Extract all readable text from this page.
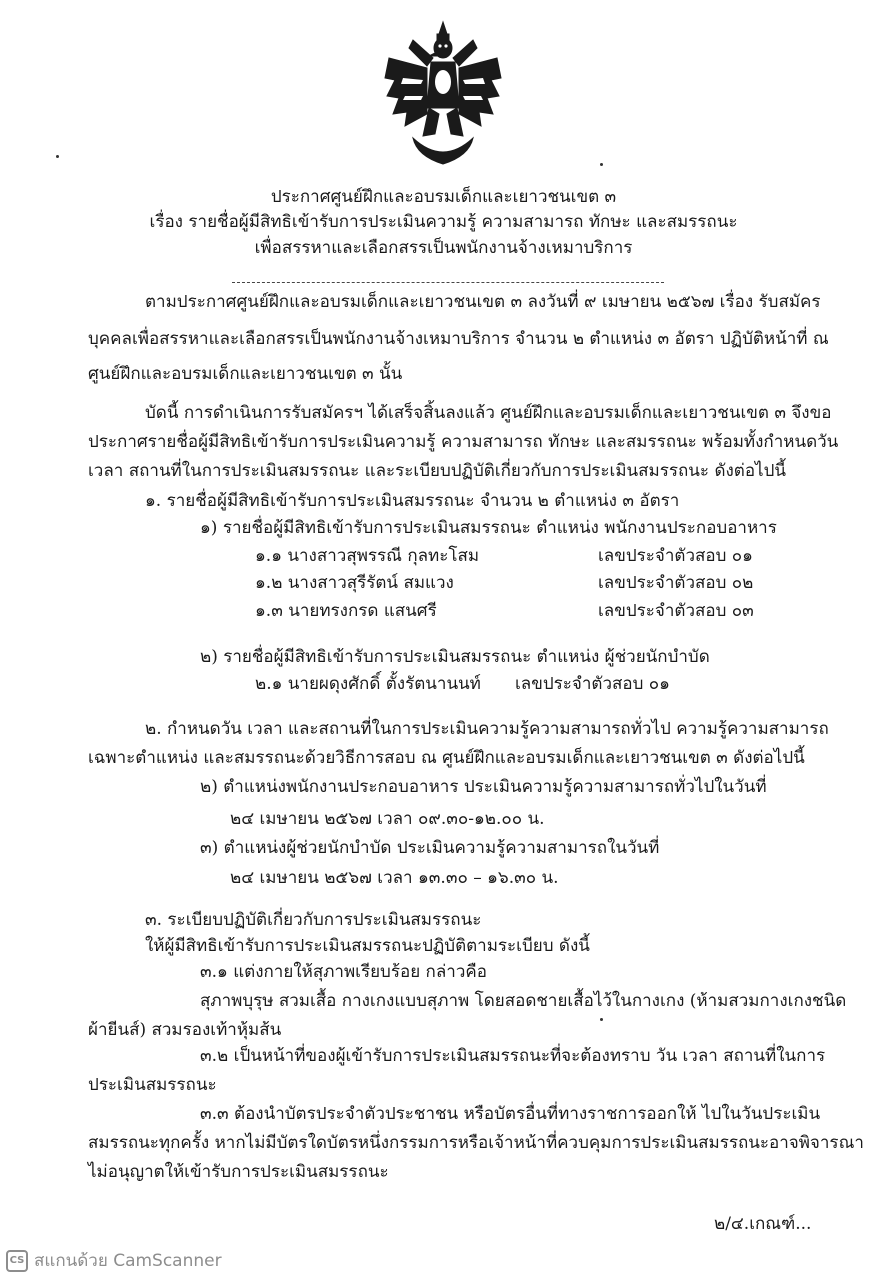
ประกาศศูนย์ฝึกและอบรมเด็กและเยาวชนเขต ๓
เรื่อง รายชื่อผู้มีสิทธิเข้ารับการประเมินความรู้ ความสามารถ ทักษะ และสมรรถนะ
เพื่อสรรหาและเลือกสรรเป็นพนักงานจ้างเหมาบริการ
ตามประกาศศูนย์ฝึกและอบรมเด็กและเยาวชนเขต ๓ ลงวันที่ ๙ เมษายน ๒๕๖๗ เรื่อง รับสมัคร
บุคคลเพื่อสรรหาและเลือกสรรเป็นพนักงานจ้างเหมาบริการ จำนวน ๒ ตำแหน่ง ๓ อัตรา ปฏิบัติหน้าที่ ณ
ศูนย์ฝึกและอบรมเด็กและเยาวชนเขต ๓ นั้น
บัดนี้ การดำเนินการรับสมัครฯ ได้เสร็จสิ้นลงแล้ว ศูนย์ฝึกและอบรมเด็กและเยาวชนเขต ๓ จึงขอ
ประกาศรายชื่อผู้มีสิทธิเข้ารับการประเมินความรู้ ความสามารถ ทักษะ และสมรรถนะ พร้อมทั้งกำหนดวัน
เวลา สถานที่ในการประเมินสมรรถนะ และระเบียบปฏิบัติเกี่ยวกับการประเมินสมรรถนะ ดังต่อไปนี้
๑. รายชื่อผู้มีสิทธิเข้ารับการประเมินสมรรถนะ จำนวน ๒ ตำแหน่ง ๓ อัตรา
๑) รายชื่อผู้มีสิทธิเข้ารับการประเมินสมรรถนะ ตำแหน่ง พนักงานประกอบอาหาร
๑.๑ นางสาวสุพรรณี กุลทะโสม	เลขประจำตัวสอบ ๐๑
๑.๒ นางสาวสุรีรัตน์ สมแวง	เลขประจำตัวสอบ ๐๒
๑.๓ นายทรงกรด แสนศรี	เลขประจำตัวสอบ ๐๓
๒) รายชื่อผู้มีสิทธิเข้ารับการประเมินสมรรถนะ ตำแหน่ง ผู้ช่วยนักบำบัด
๒.๑ นายผดุงศักดิ์ ตั้งรัตนานนท์ เลขประจำตัวสอบ ๐๑
๒. กำหนดวัน เวลา และสถานที่ในการประเมินความรู้ความสามารถทั่วไป ความรู้ความสามารถ
เฉพาะตำแหน่ง และสมรรถนะด้วยวิธีการสอบ ณ ศูนย์ฝึกและอบรมเด็กและเยาวชนเขต ๓ ดังต่อไปนี้
๒) ตำแหน่งพนักงานประกอบอาหาร ประเมินความรู้ความสามารถทั่วไปในวันที่
๒๔ เมษายน ๒๕๖๗ เวลา ๐๙.๓๐-๑๒.๐๐ น.
๓) ตำแหน่งผู้ช่วยนักบำบัด ประเมินความรู้ความสามารถในวันที่
๒๔ เมษายน ๒๕๖๗ เวลา ๑๓.๓๐ – ๑๖.๓๐ น.
๓. ระเบียบปฏิบัติเกี่ยวกับการประเมินสมรรถนะ
ให้ผู้มีสิทธิเข้ารับการประเมินสมรรถนะปฏิบัติตามระเบียบ ดังนี้
๓.๑ แต่งกายให้สุภาพเรียบร้อย กล่าวคือ
สุภาพบุรุษ สวมเสื้อ กางเกงแบบสุภาพ โดยสอดชายเสื้อไว้ในกางเกง (ห้ามสวมกางเกงชนิด
ผ้ายีนส์) สวมรองเท้าหุ้มส้น
๓.๒ เป็นหน้าที่ของผู้เข้ารับการประเมินสมรรถนะที่จะต้องทราบ วัน เวลา สถานที่ในการ
ประเมินสมรรถนะ
๓.๓ ต้องนำบัตรประจำตัวประชาชน หรือบัตรอื่นที่ทางราชการออกให้ ไปในวันประเมิน
สมรรถนะทุกครั้ง หากไม่มีบัตรใดบัตรหนึ่งกรรมการหรือเจ้าหน้าที่ควบคุมการประเมินสมรรถนะอาจพิจารณา
ไม่อนุญาตให้เข้ารับการประเมินสมรรถนะ
๒/๔.เกณฑ์...
CS สแกนด้วย CamScanner
